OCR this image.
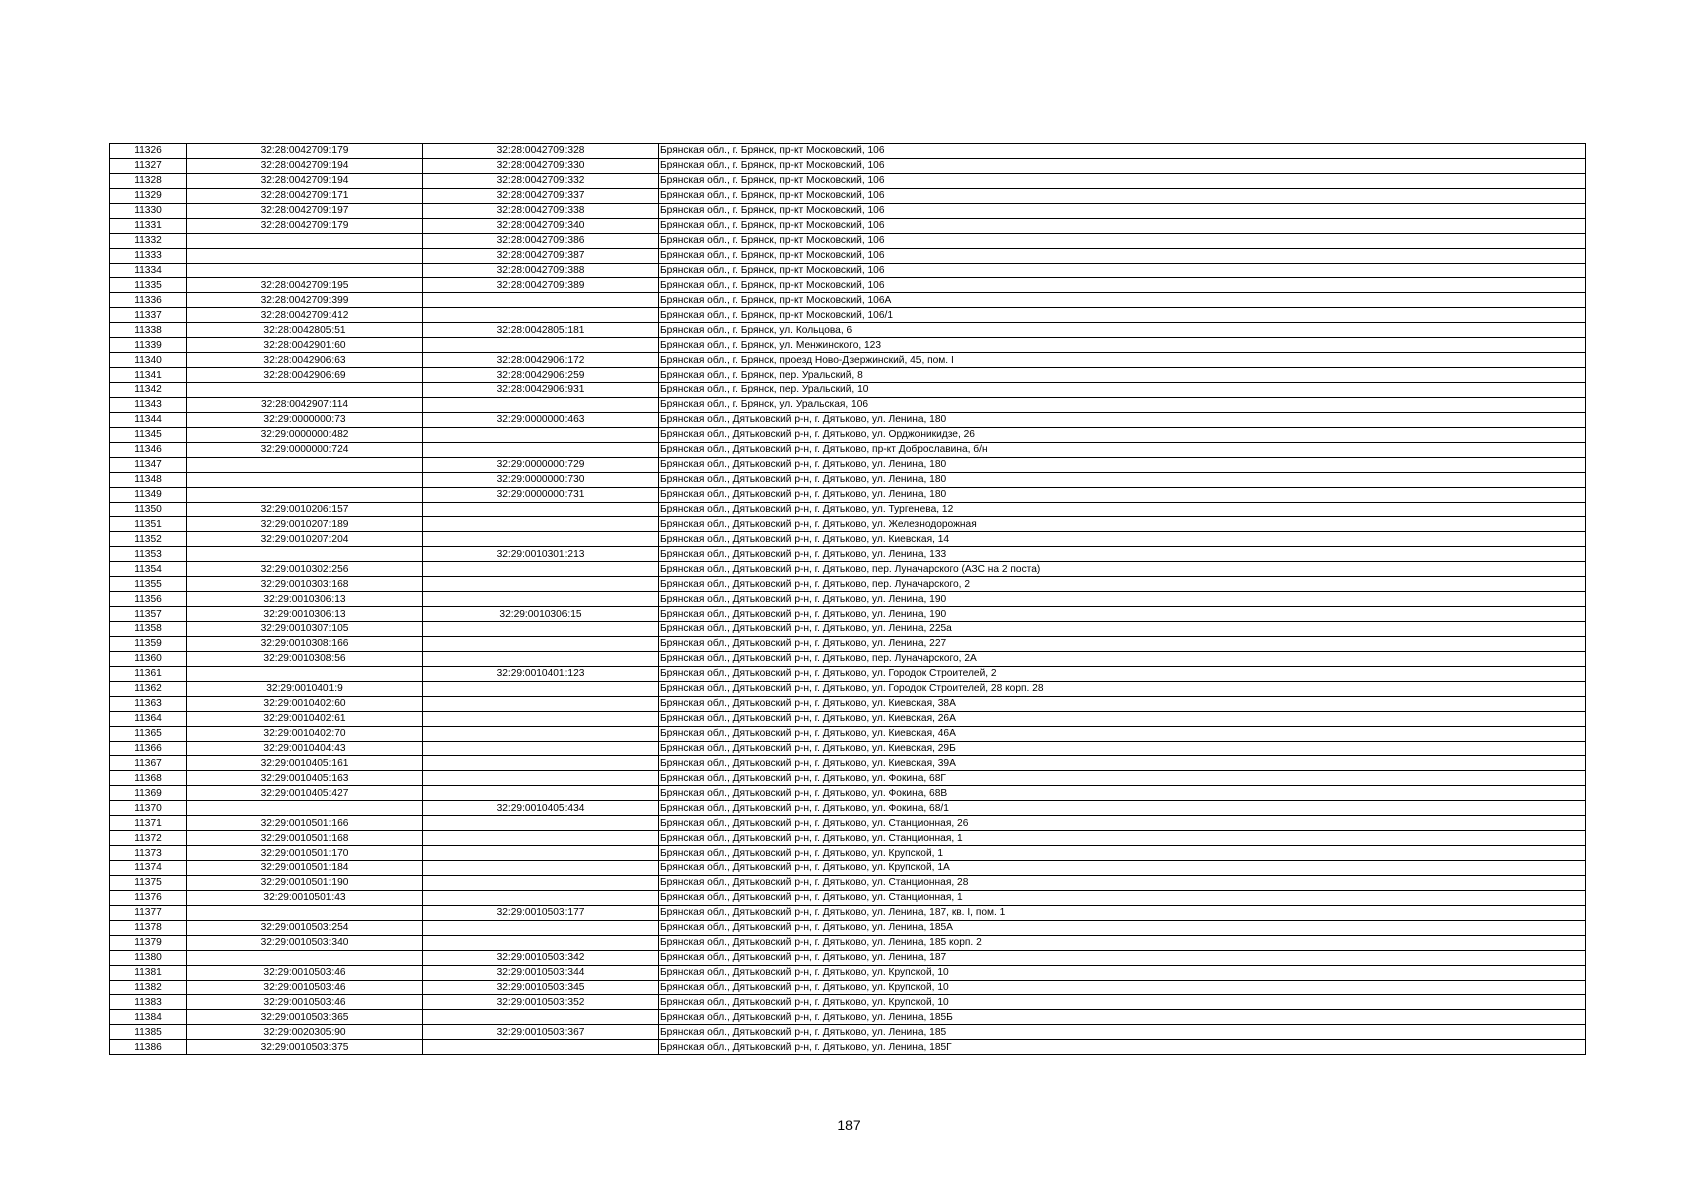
11326	32:28:0042709:179	32:28:0042709:328	Брянская обл., г. Брянск, пр-кт Московский, 106
11327	32:28:0042709:194	32:28:0042709:330	Брянская обл., г. Брянск, пр-кт Московский, 106
11328	32:28:0042709:194	32:28:0042709:332	Брянская обл., г. Брянск, пр-кт Московский, 106
11329	32:28:0042709:171	32:28:0042709:337	Брянская обл., г. Брянск, пр-кт Московский, 106
11330	32:28:0042709:197	32:28:0042709:338	Брянская обл., г. Брянск, пр-кт Московский, 106
11331	32:28:0042709:179	32:28:0042709:340	Брянская обл., г. Брянск, пр-кт Московский, 106
11332		32:28:0042709:386	Брянская обл., г. Брянск, пр-кт Московский, 106
11333		32:28:0042709:387	Брянская обл., г. Брянск, пр-кт Московский, 106
11334		32:28:0042709:388	Брянская обл., г. Брянск, пр-кт Московский, 106
11335	32:28:0042709:195	32:28:0042709:389	Брянская обл., г. Брянск, пр-кт Московский, 106
11336	32:28:0042709:399		Брянская обл., г. Брянск, пр-кт Московский, 106А
11337	32:28:0042709:412		Брянская обл., г. Брянск, пр-кт Московский, 106/1
11338	32:28:0042805:51	32:28:0042805:181	Брянская обл., г. Брянск, ул. Кольцова, 6
11339	32:28:0042901:60		Брянская обл., г. Брянск, ул. Менжинского, 123
11340	32:28:0042906:63	32:28:0042906:172	Брянская обл., г. Брянск, проезд Ново-Дзержинский, 45, пом. I
11341	32:28:0042906:69	32:28:0042906:259	Брянская обл., г. Брянск, пер. Уральский, 8
11342		32:28:0042906:931	Брянская обл., г. Брянск, пер. Уральский, 10
11343	32:28:0042907:114		Брянская обл., г. Брянск, ул. Уральская, 106
11344	32:29:0000000:73	32:29:0000000:463	Брянская обл., Дятьковский р-н, г. Дятьково, ул. Ленина, 180
11345	32:29:0000000:482		Брянская обл., Дятьковский р-н, г. Дятьково, ул. Орджоникидзе, 26
11346	32:29:0000000:724		Брянская обл., Дятьковский р-н, г. Дятьково, пр-кт Доброславина, б/н
11347		32:29:0000000:729	Брянская обл., Дятьковский р-н, г. Дятьково, ул. Ленина, 180
11348		32:29:0000000:730	Брянская обл., Дятьковский р-н, г. Дятьково, ул. Ленина, 180
11349		32:29:0000000:731	Брянская обл., Дятьковский р-н, г. Дятьково, ул. Ленина, 180
11350	32:29:0010206:157		Брянская обл., Дятьковский р-н, г. Дятьково, ул. Тургенева, 12
11351	32:29:0010207:189		Брянская обл., Дятьковский р-н, г. Дятьково, ул. Железнодорожная
11352	32:29:0010207:204		Брянская обл., Дятьковский р-н, г. Дятьково, ул. Киевская, 14
11353		32:29:0010301:213	Брянская обл., Дятьковский р-н, г. Дятьково, ул. Ленина, 133
11354	32:29:0010302:256		Брянская обл., Дятьковский р-н, г. Дятьково, пер. Луначарского (АЗС на 2 поста)
11355	32:29:0010303:168		Брянская обл., Дятьковский р-н, г. Дятьково, пер. Луначарского, 2
11356	32:29:0010306:13		Брянская обл., Дятьковский р-н, г. Дятьково, ул. Ленина, 190
11357	32:29:0010306:13	32:29:0010306:15	Брянская обл., Дятьковский р-н, г. Дятьково, ул. Ленина, 190
11358	32:29:0010307:105		Брянская обл., Дятьковский р-н, г. Дятьково, ул. Ленина, 225а
11359	32:29:0010308:166		Брянская обл., Дятьковский р-н, г. Дятьково, ул. Ленина, 227
11360	32:29:0010308:56		Брянская обл., Дятьковский р-н, г. Дятьково, пер. Луначарского, 2А
11361		32:29:0010401:123	Брянская обл., Дятьковский р-н, г. Дятьково, ул. Городок Строителей, 2
11362	32:29:0010401:9		Брянская обл., Дятьковский р-н, г. Дятьково, ул. Городок Строителей, 28 корп. 28
11363	32:29:0010402:60		Брянская обл., Дятьковский р-н, г. Дятьково, ул. Киевская, 38А
11364	32:29:0010402:61		Брянская обл., Дятьковский р-н, г. Дятьково, ул. Киевская, 26А
11365	32:29:0010402:70		Брянская обл., Дятьковский р-н, г. Дятьково, ул. Киевская, 46А
11366	32:29:0010404:43		Брянская обл., Дятьковский р-н, г. Дятьково, ул. Киевская, 29Б
11367	32:29:0010405:161		Брянская обл., Дятьковский р-н, г. Дятьково, ул. Киевская, 39А
11368	32:29:0010405:163		Брянская обл., Дятьковский р-н, г. Дятьково, ул. Фокина, 68Г
11369	32:29:0010405:427		Брянская обл., Дятьковский р-н, г. Дятьково, ул. Фокина, 68В
11370		32:29:0010405:434	Брянская обл., Дятьковский р-н, г. Дятьково, ул. Фокина, 68/1
11371	32:29:0010501:166		Брянская обл., Дятьковский р-н, г. Дятьково, ул. Станционная, 26
11372	32:29:0010501:168		Брянская обл., Дятьковский р-н, г. Дятьково, ул. Станционная, 1
11373	32:29:0010501:170		Брянская обл., Дятьковский р-н, г. Дятьково, ул. Крупской, 1
11374	32:29:0010501:184		Брянская обл., Дятьковский р-н, г. Дятьково, ул. Крупской, 1А
11375	32:29:0010501:190		Брянская обл., Дятьковский р-н, г. Дятьково, ул. Станционная, 28
11376	32:29:0010501:43		Брянская обл., Дятьковский р-н, г. Дятьково, ул. Станционная, 1
11377		32:29:0010503:177	Брянская обл., Дятьковский р-н, г. Дятьково, ул. Ленина, 187, кв. I, пом. 1
11378	32:29:0010503:254		Брянская обл., Дятьковский р-н, г. Дятьково, ул. Ленина, 185А
11379	32:29:0010503:340		Брянская обл., Дятьковский р-н, г. Дятьково, ул. Ленина, 185 корп. 2
11380		32:29:0010503:342	Брянская обл., Дятьковский р-н, г. Дятьково, ул. Ленина, 187
11381	32:29:0010503:46	32:29:0010503:344	Брянская обл., Дятьковский р-н, г. Дятьково, ул. Крупской, 10
11382	32:29:0010503:46	32:29:0010503:345	Брянская обл., Дятьковский р-н, г. Дятьково, ул. Крупской, 10
11383	32:29:0010503:46	32:29:0010503:352	Брянская обл., Дятьковский р-н, г. Дятьково, ул. Крупской, 10
11384	32:29:0010503:365		Брянская обл., Дятьковский р-н, г. Дятьково, ул. Ленина, 185Б
11385	32:29:0020305:90	32:29:0010503:367	Брянская обл., Дятьковский р-н, г. Дятьково, ул. Ленина, 185
11386	32:29:0010503:375		Брянская обл., Дятьковский р-н, г. Дятьково, ул. Ленина, 185Г
187
